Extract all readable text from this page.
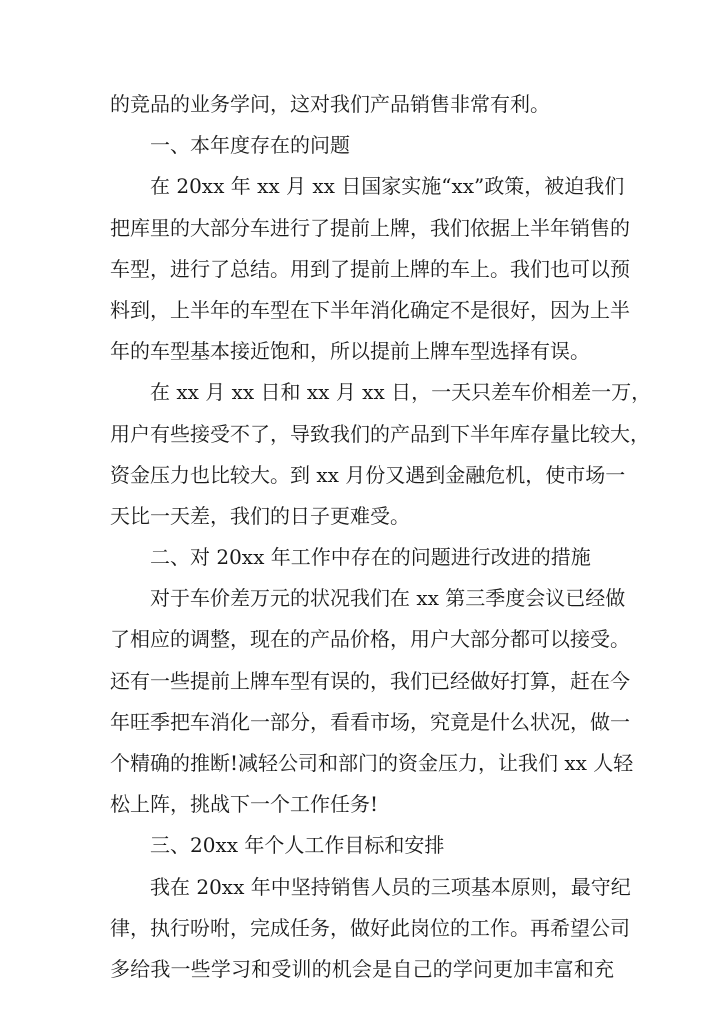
的竞品的业务学问，这对我们产品销售非常有利。
一、本年度存在的问题
在 20xx 年 xx 月 xx 日国家实施“xx”政策，被迫我们
把库里的大部分车进行了提前上牌，我们依据上半年销售的
车型，进行了总结。用到了提前上牌的车上。我们也可以预
料到，上半年的车型在下半年消化确定不是很好，因为上半
年的车型基本接近饱和，所以提前上牌车型选择有误。
在 xx 月 xx 日和 xx 月 xx 日，一天只差车价相差一万，
用户有些接受不了，导致我们的产品到下半年库存量比较大，
资金压力也比较大。到 xx 月份又遇到金融危机，使市场一
天比一天差，我们的日子更难受。
二、对 20xx 年工作中存在的问题进行改进的措施
对于车价差万元的状况我们在 xx 第三季度会议已经做
了相应的调整，现在的产品价格，用户大部分都可以接受。
还有一些提前上牌车型有误的，我们已经做好打算，赶在今
年旺季把车消化一部分，看看市场，究竟是什么状况，做一
个精确的推断!减轻公司和部门的资金压力，让我们 xx 人轻
松上阵，挑战下一个工作任务!
三、20xx 年个人工作目标和安排
我在 20xx 年中坚持销售人员的三项基本原则，最守纪
律，执行吩咐，完成任务，做好此岗位的工作。再希望公司
多给我一些学习和受训的机会是自己的学问更加丰富和充
